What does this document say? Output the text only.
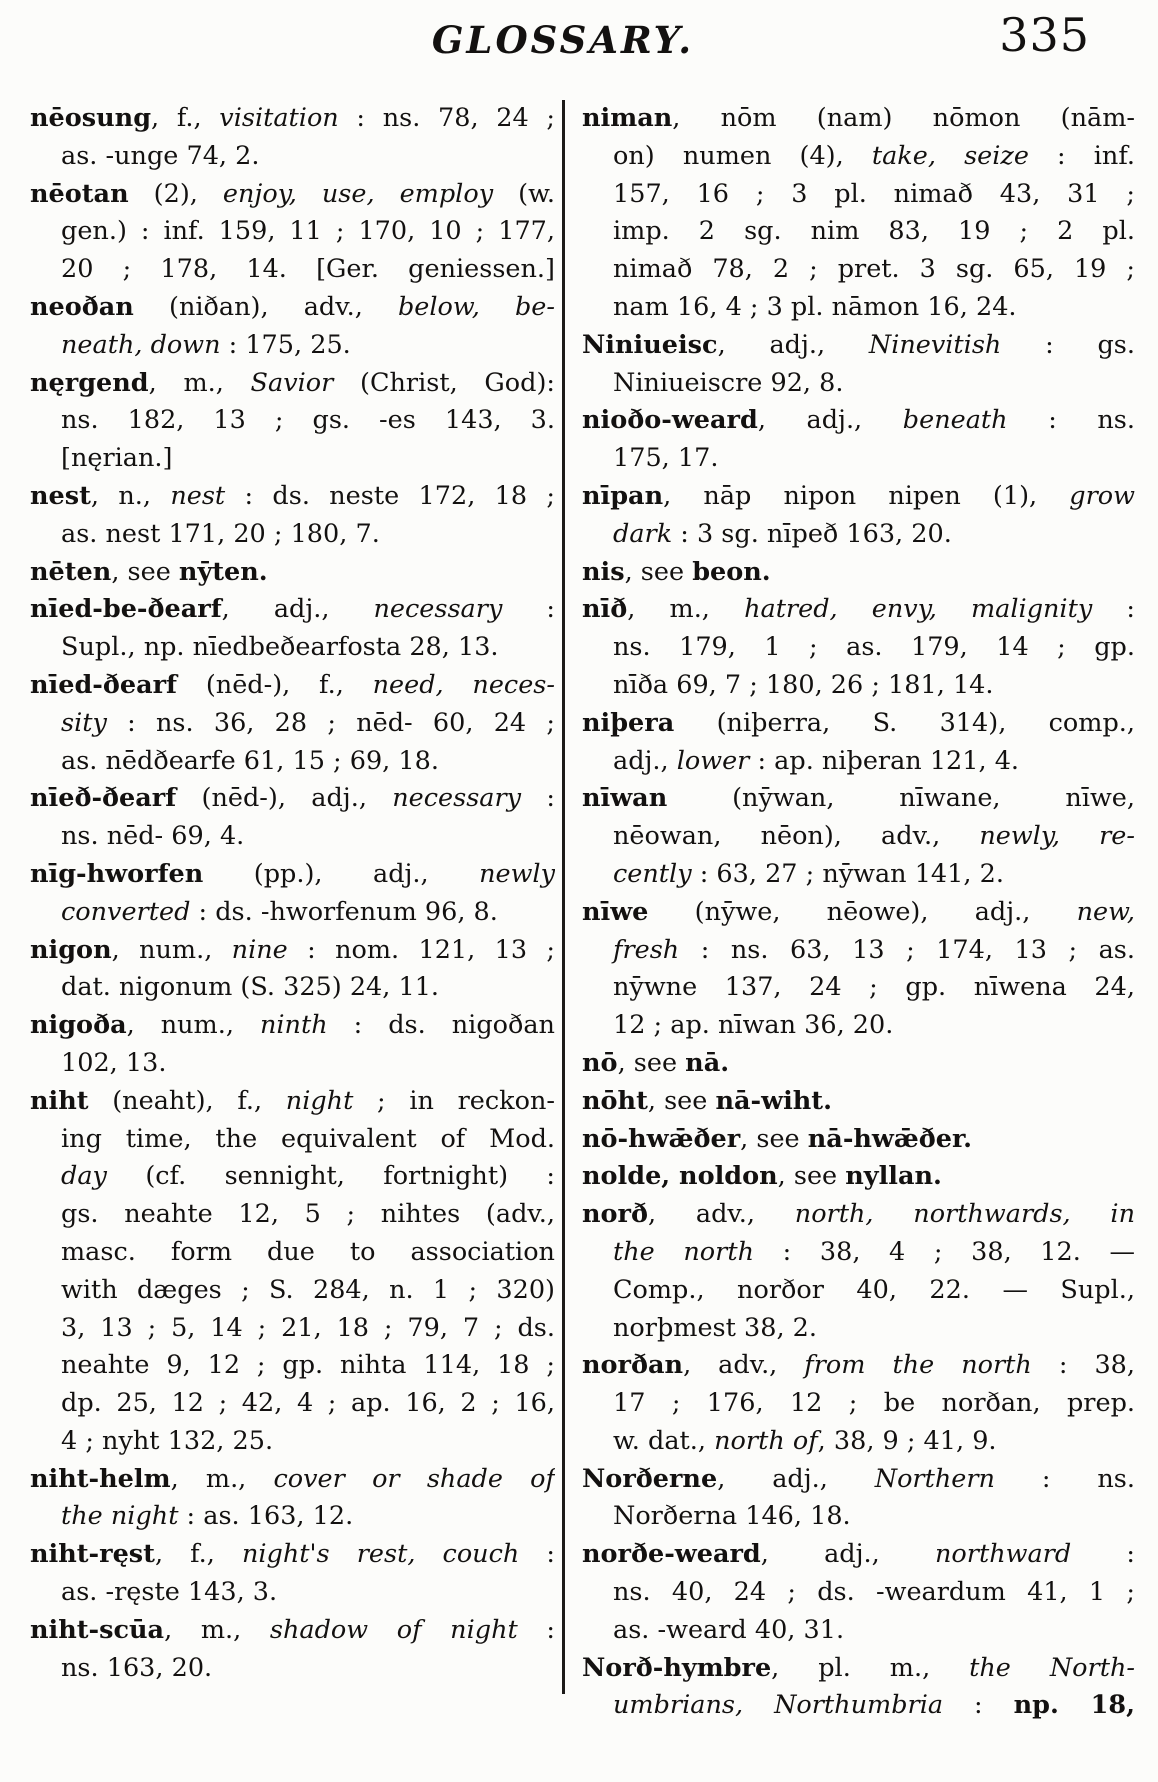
GLOSSARY.	335
nēosung, f., visitation : ns. 78, 24 ;
as. -unge 74, 2.
nēotan (2), enjoy, use, employ (w.
gen.) : inf. 159, 11 ; 170, 10 ; 177,
20 ; 178, 14. [Ger. geniessen.]
neoðan (niðan), adv., below, be-
neath, down : 175, 25.
nęrgend, m., Savior (Christ, God):
ns. 182, 13 ; gs. -es 143, 3.
[nęrian.]
nest, n., nest : ds. neste 172, 18 ;
as. nest 171, 20 ; 180, 7.
nēten, see nȳten.
nīed-be-ðearf, adj., necessary :
Supl., np. nīedbeðearfosta 28, 13.
nīed-ðearf (nēd-), f., need, neces-
sity : ns. 36, 28 ; nēd- 60, 24 ;
as. nēdðearfe 61, 15 ; 69, 18.
nīeð-ðearf (nēd-), adj., necessary :
ns. nēd- 69, 4.
nīg-hworfen (pp.), adj., newly
converted : ds. -hworfenum 96, 8.
nigon, num., nine : nom. 121, 13 ;
dat. nigonum (S. 325) 24, 11.
nigoða, num., ninth : ds. nigoðan
102, 13.
niht (neaht), f., night ; in reckon-
ing time, the equivalent of Mod.
day (cf. sennight, fortnight) :
gs. neahte 12, 5 ; nihtes (adv.,
masc. form due to association
with dæges ; S. 284, n. 1 ; 320)
3, 13 ; 5, 14 ; 21, 18 ; 79, 7 ; ds.
neahte 9, 12 ; gp. nihta 114, 18 ;
dp. 25, 12 ; 42, 4 ; ap. 16, 2 ; 16,
4 ; nyht 132, 25.
niht-helm, m., cover or shade of
the night : as. 163, 12.
niht-ręst, f., night's rest, couch :
as. -ręste 143, 3.
niht-scūa, m., shadow of night :
ns. 163, 20.
niman, nōm (nam) nōmon (nām-
on) numen (4), take, seize : inf.
157, 16 ; 3 pl. nimað 43, 31 ;
imp. 2 sg. nim 83, 19 ; 2 pl.
nimað 78, 2 ; pret. 3 sg. 65, 19 ;
nam 16, 4 ; 3 pl. nāmon 16, 24.
Niniueisc, adj., Ninevitish : gs.
Niniueiscre 92, 8.
nioðo-weard, adj., beneath : ns.
175, 17.
nīpan, nāp nipon nipen (1), grow
dark : 3 sg. nīpeð 163, 20.
nis, see beon.
nīð, m., hatred, envy, malignity :
ns. 179, 1 ; as. 179, 14 ; gp.
nīða 69, 7 ; 180, 26 ; 181, 14.
niþera (niþerra, S. 314), comp.,
adj., lower : ap. niþeran 121, 4.
nīwan (nȳwan, nīwane, nīwe,
nēowan, nēon), adv., newly, re-
cently : 63, 27 ; nȳwan 141, 2.
nīwe (nȳwe, nēowe), adj., new,
fresh : ns. 63, 13 ; 174, 13 ; as.
nȳwne 137, 24 ; gp. nīwena 24,
12 ; ap. nīwan 36, 20.
nō, see nā.
nōht, see nā-wiht.
nō-hwǣðer, see nā-hwǣðer.
nolde, noldon, see nyllan.
norð, adv., north, northwards, in
the north : 38, 4 ; 38, 12. —
Comp., norðor 40, 22. — Supl.,
norþmest 38, 2.
norðan, adv., from the north : 38,
17 ; 176, 12 ; be norðan, prep.
w. dat., north of, 38, 9 ; 41, 9.
Norðerne, adj., Northern : ns.
Norðerna 146, 18.
norðe-weard, adj., northward :
ns. 40, 24 ; ds. -weardum 41, 1 ;
as. -weard 40, 31.
Norð-hymbre, pl. m., the North-
umbrians, Northumbria : np. 18,
